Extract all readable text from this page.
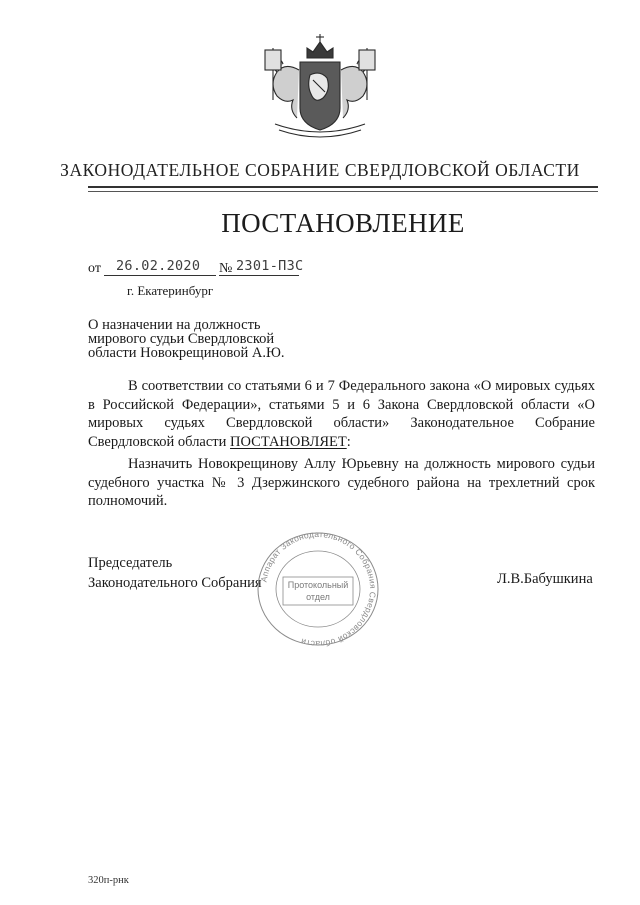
ЗАКОНОДАТЕЛЬНОЕ СОБРАНИЕ СВЕРДЛОВСКОЙ ОБЛАСТИ
ПОСТАНОВЛЕНИЕ
от 26.02.2020 № 2301-ПЗС
г. Екатеринбург
О назначении на должность
мирового судьи Свердловской
области Новокрещиновой А.Ю.
В соответствии со статьями 6 и 7 Федерального закона «О мировых судьях в Российской Федерации», статьями 5 и 6 Закона Свердловской области «О мировых судьях Свердловской области» Законодательное Собрание Свердловской области ПОСТАНОВЛЯЕТ:
Назначить Новокрещинову Аллу Юрьевну на должность мирового судьи судебного участка № 3 Дзержинского судебного района на трехлетний срок полномочий.
Председатель
Законодательного Собрания
Аппарат Законодательного Собрания Свердловской области
Протокольный
отдел
Л.В.Бабушкина
320п-рнк
